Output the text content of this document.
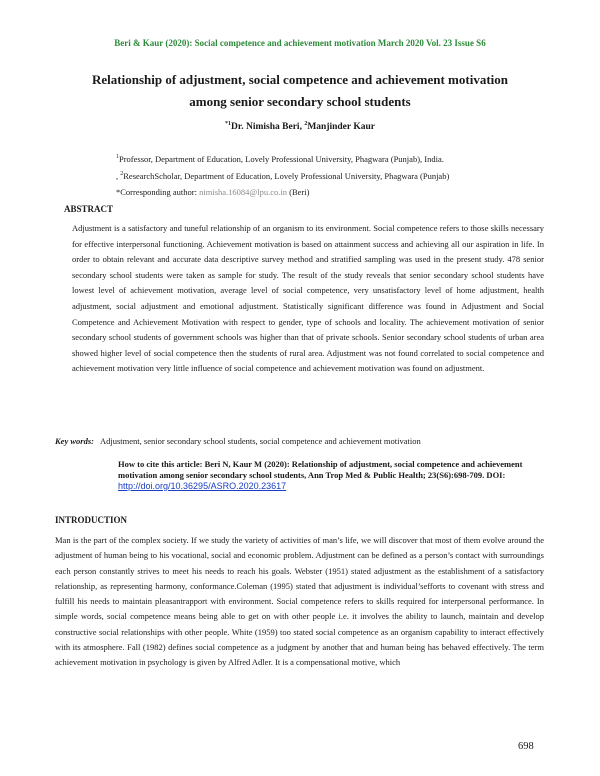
Beri & Kaur (2020): Social competence and achievement motivation March 2020 Vol. 23 Issue S6
Relationship of adjustment, social competence and achievement motivation
among senior secondary school students
$^{*1}$Dr. Nimisha Beri, $^2$Manjinder Kaur
$^1$Professor, Department of Education, Lovely Professional University, Phagwara (Punjab), India.
, $^2$ResearchScholar, Department of Education, Lovely Professional University, Phagwara (Punjab)
*Corresponding author: nimisha.16084@lpu.co.in (Beri)
ABSTRACT
Adjustment is a satisfactory and tuneful relationship of an organism to its environment. Social competence refers to those skills necessary for effective interpersonal functioning. Achievement motivation is based on attainment success and achieving all our aspiration in life. In order to obtain relevant and accurate data descriptive survey method and stratified sampling was used in the present study. 478 senior secondary school students were taken as sample for study. The result of the study reveals that senior secondary school students have lowest level of achievement motivation, average level of social competence, very unsatisfactory level of home adjustment, health adjustment, social adjustment and emotional adjustment. Statistically significant difference was found in Adjustment and Social Competence and Achievement Motivation with respect to gender, type of schools and locality. The achievement motivation of senior secondary school students of government schools was higher than that of private schools. Senior secondary school students of urban area showed higher level of social competence then the students of rural area. Adjustment was not found correlated to social competence and achievement motivation very little influence of social competence and achievement motivation was found on adjustment.
Key words: Adjustment, senior secondary school students, social competence and achievement motivation
How to cite this article: Beri N, Kaur M (2020): Relationship of adjustment, social competence and achievement motivation among senior secondary school students, Ann Trop Med & Public Health; 23(S6):698-709. DOI: http://doi.org/10.36295/ASRO.2020.23617
INTRODUCTION
Man is the part of the complex society. If we study the variety of activities of man’s life, we will discover that most of them evolve around the adjustment of human being to his vocational, social and economic problem. Adjustment can be defined as a person’s contact with surroundings each person constantly strives to meet his needs to reach his goals. Webster (1951) stated adjustment as the establishment of a satisfactory relationship, as representing harmony, conformance.Coleman (1995) stated that adjustment is individual’sefforts to covenant with stress and fulfill his needs to maintain pleasantrapport with environment. Social competence refers to skills required for interpersonal performance. In simple words, social competence means being able to get on with other people i.e. it involves the ability to launch, maintain and develop constructive social relationships with other people. White (1959) too stated social competence as an organism capability to interact effectively with its atmosphere. Fall (1982) defines social competence as a judgment by another that and human being has behaved effectively. The term achievement motivation in psychology is given by Alfred Adler. It is a compensational motive, which
698
